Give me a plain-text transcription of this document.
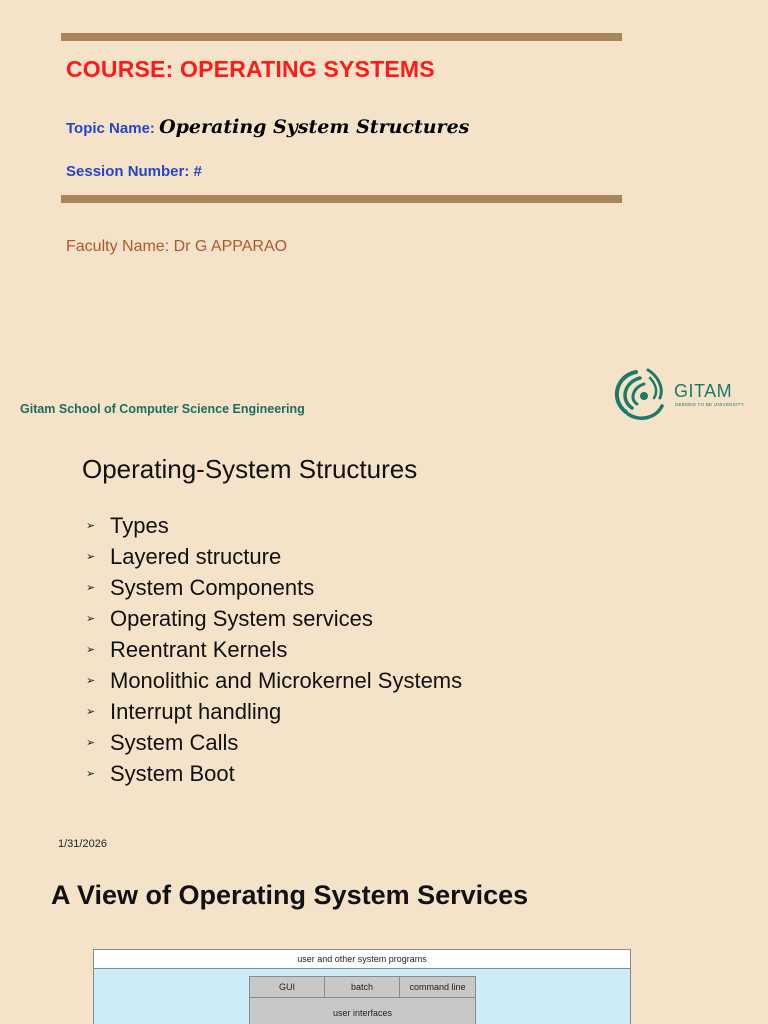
COURSE: OPERATING SYSTEMS
Topic Name: Operating System Structures
Session Number: #
Faculty Name: Dr G APPARAO
Gitam School of Computer Science Engineering
GITAM
DEEMED TO BE UNIVERSITY
Operating-System Structures
➢ Types
➢ Layered structure
➢ System Components
➢ Operating System services
➢ Reentrant Kernels
➢ Monolithic and Microkernel Systems
➢ Interrupt handling
➢ System Calls
➢ System Boot
1/31/2026
A View of Operating System Services
user and other system programs
GUI	batch	command line
user interfaces
